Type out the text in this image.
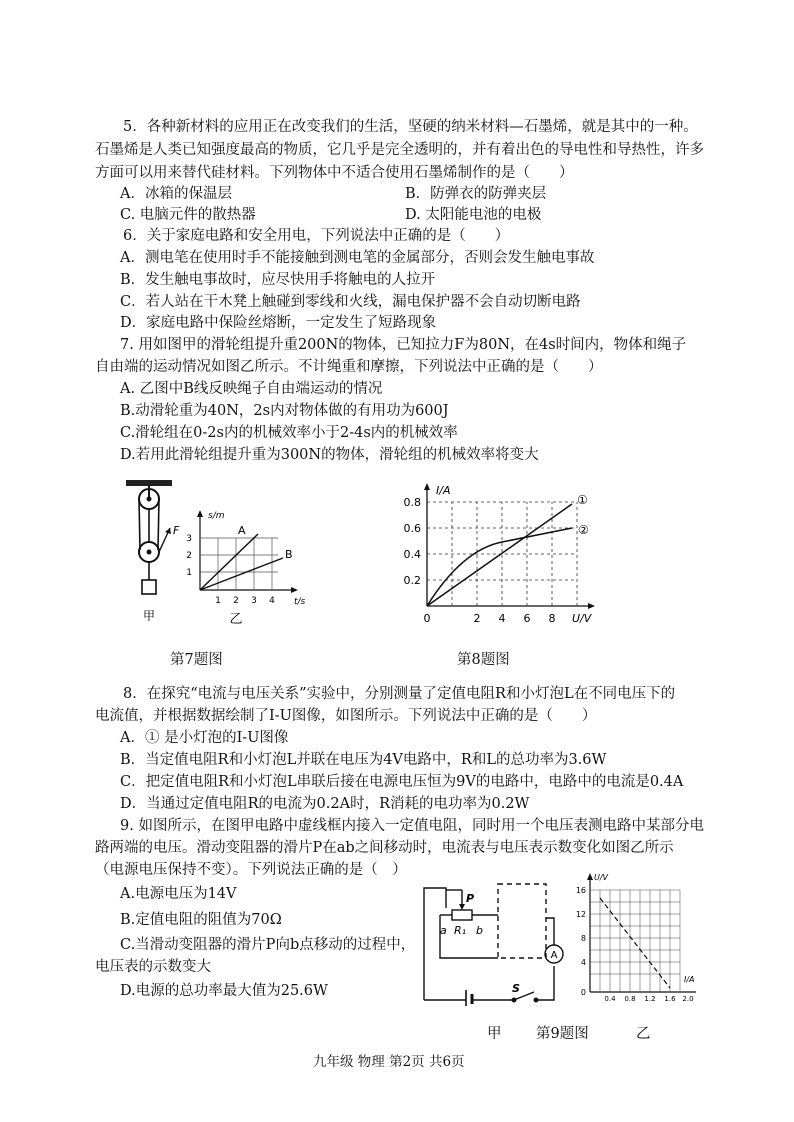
5．各种新材料的应用正在改变我们的生活，坚硬的纳米材料—石墨烯，就是其中的一种。
石墨烯是人类已知强度最高的物质，它几乎是完全透明的，并有着出色的导电性和导热性，许多
方面可以用来替代硅材料。下列物体中不适合使用石墨烯制作的是（　　）
A．冰箱的保温层	B．防弹衣的防弹夹层
C. 电脑元件的散热器	D. 太阳能电池的电极
6．关于家庭电路和安全用电，下列说法中正确的是（　　）
A．测电笔在使用时手不能接触到测电笔的金属部分，否则会发生触电事故
B．发生触电事故时，应尽快用手将触电的人拉开
C．若人站在干木凳上触碰到零线和火线，漏电保护器不会自动切断电路
D．家庭电路中保险丝熔断，一定发生了短路现象
7. 用如图甲的滑轮组提升重200N的物体，已知拉力F为80N，在4s时间内，物体和绳子
自由端的运动情况如图乙所示。不计绳重和摩擦，下列说法中正确的是（　　）
A. 乙图中B线反映绳子自由端运动的情况
B.动滑轮重为40N，2s内对物体做的有用功为600J
C.滑轮组在0-2s内的机械效率小于2-4s内的机械效率
D.若用此滑轮组提升重为300N的物体，滑轮组的机械效率将变大
F
甲
A
B
s/m
t/s
1
2
3
1 2 3 4
乙
第7题图
①
②
I/A
U/V
0.2
0.4
0.6
0.8
0	2 4 6 8
第8题图
8．在探究“电流与电压关系”实验中，分别测量了定值电阻R和小灯泡L在不同电压下的
电流值，并根据数据绘制了I-U图像，如图所示。下列说法中正确的是（　　）
A．① 是小灯泡的I-U图像
B．当定值电阻R和小灯泡L并联在电压为4V电路中，R和L的总功率为3.6W
C．把定值电阻R和小灯泡L串联后接在电源电压恒为9V的电路中，电路中的电流是0.4A
D．当通过定值电阻R的电流为0.2A时，R消耗的电功率为0.2W
9. 如图所示，在图甲电路中虚线框内接入一定值电阻，同时用一个电压表测电路中某部分电
路两端的电压。滑动变阻器的滑片P在ab之间移动时，电流表与电压表示数变化如图乙所示
（电源电压保持不变）。下列说法正确的是（　）
A.电源电压为14V
B.定值电阻的阻值为70Ω
C.当滑动变阻器的滑片P向b点移动的过程中，
电压表的示数变大
D.电源的总功率最大值为25.6W
P
a R₁ b
A
S
U/V
I/A
0
4
8
12
16
0.4 0.8 1.2 1.6 2.0
甲 第9题图	乙
九年级 物理 第2页 共6页
